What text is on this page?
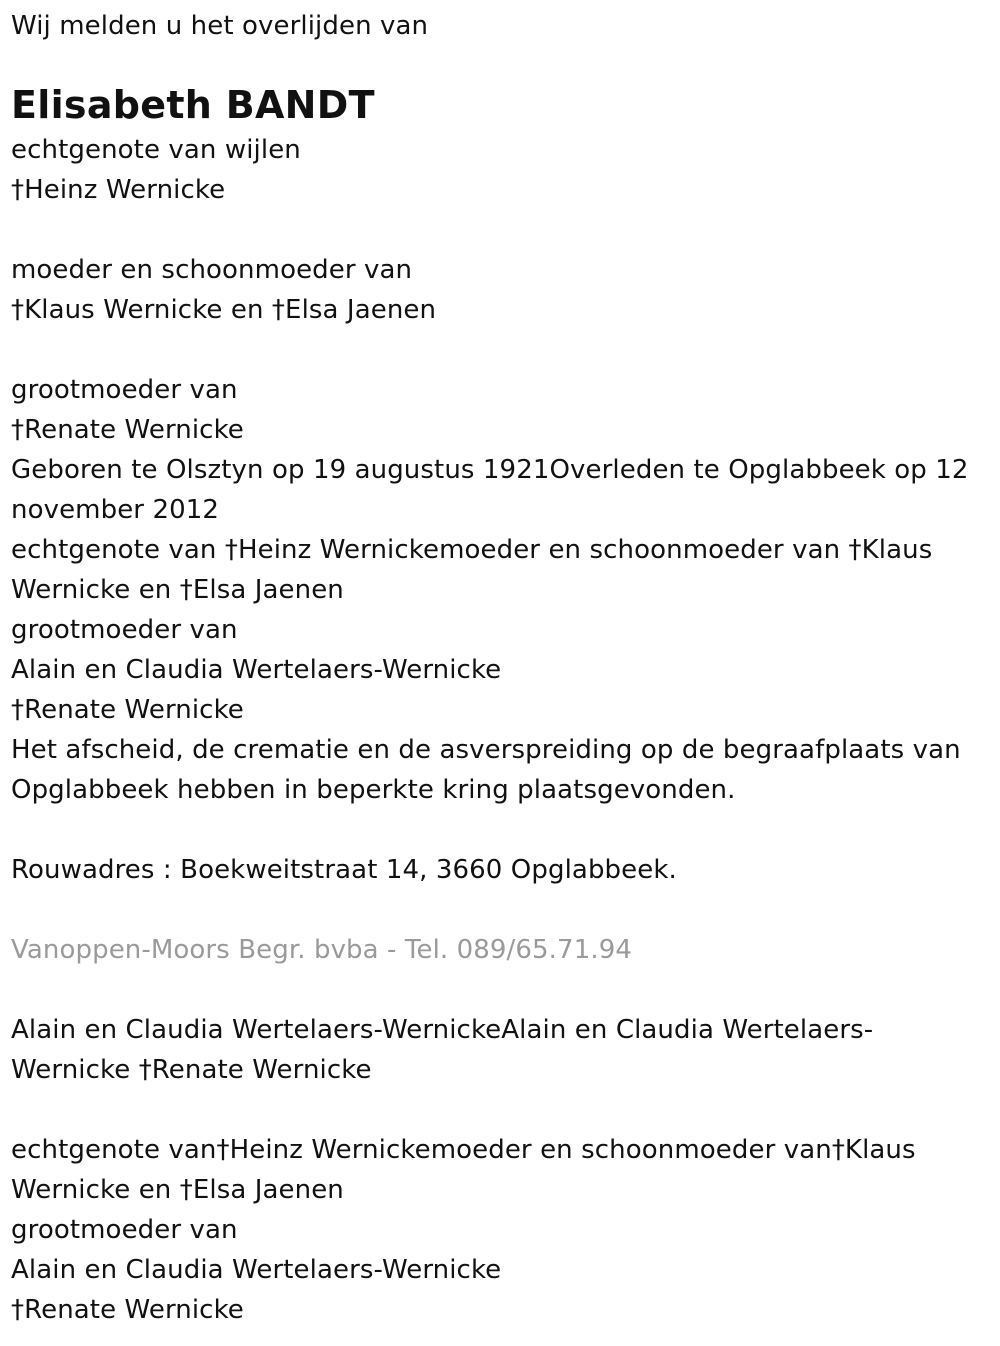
Wij melden u het overlijden van
Elisabeth BANDT
echtgenote van wijlen
†Heinz Wernicke
moeder en schoonmoeder van
†Klaus Wernicke en †Elsa Jaenen
grootmoeder van
†Renate Wernicke
Geboren te Olsztyn op 19 augustus 1921Overleden te Opglabbeek op 12 november 2012
echtgenote van †Heinz Wernickemoeder en schoonmoeder van †Klaus Wernicke en †Elsa Jaenen
grootmoeder van
Alain en Claudia Wertelaers-Wernicke
†Renate Wernicke
Het afscheid, de crematie en de asverspreiding op de begraafplaats van Opglabbeek hebben in beperkte kring plaatsgevonden.
Rouwadres : Boekweitstraat 14, 3660 Opglabbeek.
Vanoppen-Moors Begr. bvba - Tel. 089/65.71.94
Alain en Claudia Wertelaers-WernickeAlain en Claudia Wertelaers-Wernicke †Renate Wernicke
echtgenote van†Heinz Wernickemoeder en schoonmoeder van†Klaus Wernicke en †Elsa Jaenen
grootmoeder van
Alain en Claudia Wertelaers-Wernicke
†Renate Wernicke
